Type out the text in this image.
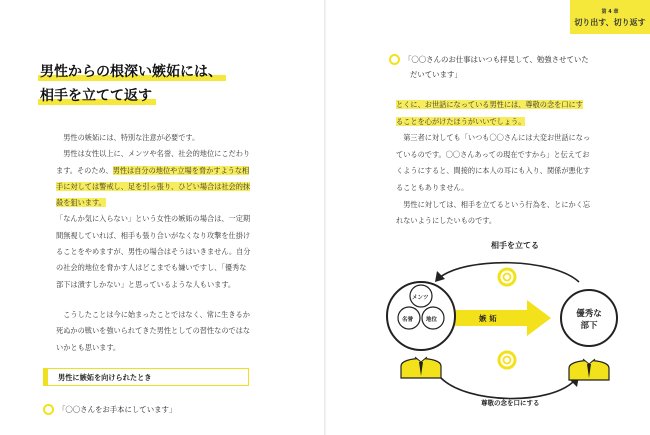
第 4 章
切り出す、切り返す
男性からの根深い嫉妬には、
相手を立てて返す

男性の嫉妬には、特別な注意が必要です。

男性は女性以上に、メンツや名誉、社会的地位にこだわり

ます。そのため、男性は自分の地位や立場を脅かすような相

手に対しては警戒し、足を引っ張り、ひどい場合は社会的抹

殺を狙います。

「なんか気に入らない」という女性の嫉妬の場合は、一定期

間無視していれば、相手も張り合いがなくなり攻撃を仕掛け

ることをやめますが、男性の場合はそうはいきません。自分

の社会的地位を脅かす人はどこまでも嫌いですし、「優秀な

部下は潰すしかない」と思っているような人もいます。

こうしたことは今に始まったことではなく、常に生きるか

死ぬかの戦いを強いられてきた男性としての習性なのではな

いかとも思います。

男性に嫉妬を向けられたとき
「〇〇さんをお手本にしています」
「〇〇さんのお仕事はいつも拝見して、勉強させていた
だいています」

とくに、お世話になっている男性には、尊敬の念を口にす

ることを心がけたほうがいいでしょう。

第三者に対しても「いつも〇〇さんには大変お世話になっ

ているのです。〇〇さんあっての現在ですから」と伝えてお

くようにすると、間接的に本人の耳にも入り、関係が悪化す

ることもありません。

男性に対しては、相手を立てるという行為を、とにかく忘

れないようにしたいものです。

相手を立てる
尊敬の念を口にする
嫉 妬
メンツ
名誉 地位
優秀な
部下
